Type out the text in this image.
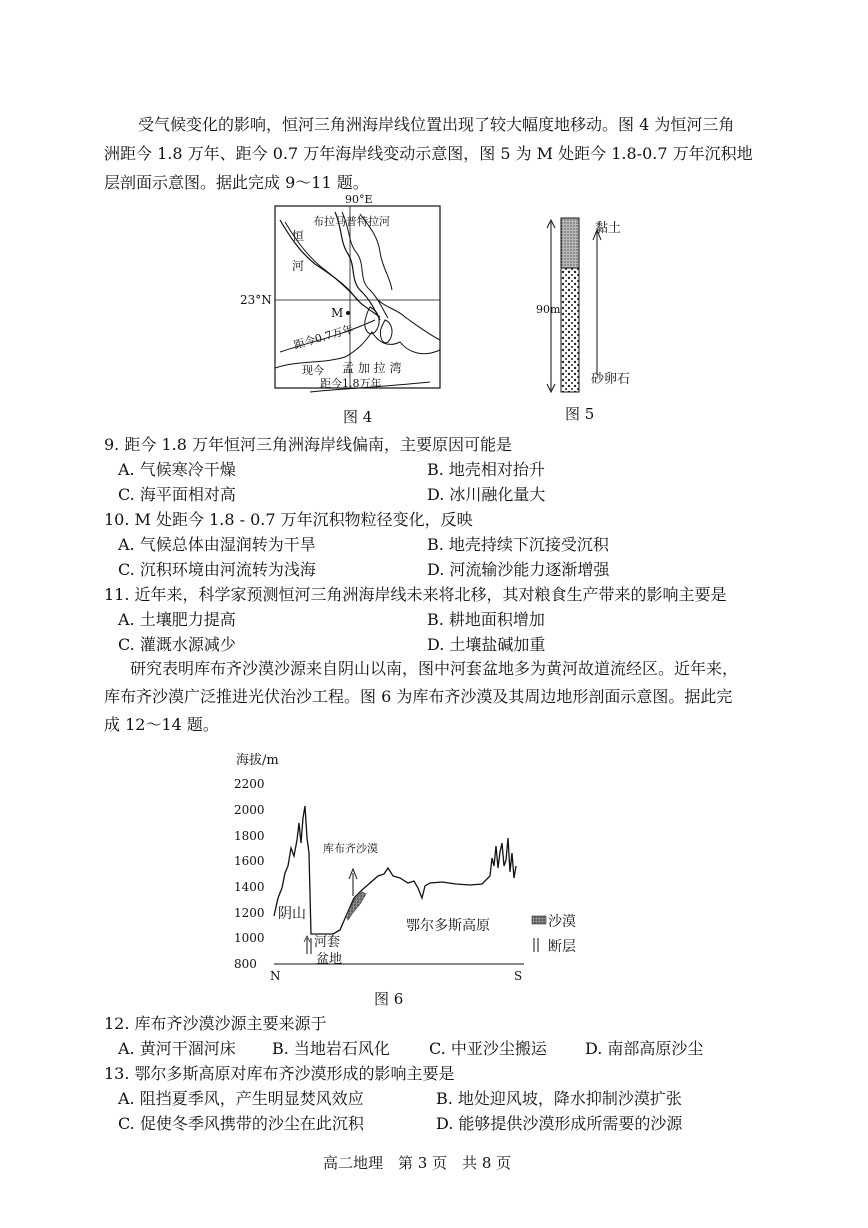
受气候变化的影响，恒河三角洲海岸线位置出现了较大幅度地移动。图 4 为恒河三角
洲距今 1.8 万年、距今 0.7 万年海岸线变动示意图，图 5 为 M 处距今 1.8-0.7 万年沉积地
层剖面示意图。据此完成 9～11 题。
90°E
23°N
布拉马普特拉河
恒
河
M
距今0.7万年
现今 孟 加 拉 湾
距今1.8万年
图 4
90m
黏土
砂卵石
图 5
9. 距今 1.8 万年恒河三角洲海岸线偏南，主要原因可能是
A. 气候寒冷干燥	B. 地壳相对抬升
C. 海平面相对高	D. 冰川融化量大
10. M 处距今 1.8 - 0.7 万年沉积物粒径变化，反映
A. 气候总体由湿润转为干旱	B. 地壳持续下沉接受沉积
C. 沉积环境由河流转为浅海	D. 河流输沙能力逐渐增强
11. 近年来，科学家预测恒河三角洲海岸线未来将北移，其对粮食生产带来的影响主要是
A. 土壤肥力提高	B. 耕地面积增加
C. 灌溉水源减少	D. 土壤盐碱加重
研究表明库布齐沙漠沙源来自阴山以南，图中河套盆地多为黄河故道流经区。近年来，
库布齐沙漠广泛推进光伏治沙工程。图 6 为库布齐沙漠及其周边地形剖面示意图。据此完
成 12～14 题。
海拔/m
2200
2000
1800
1600
1400
1200
1000
800
N	S
库布齐沙漠
阴山
河套
盆地
鄂尔多斯高原	沙漠
断层
图 6
12. 库布齐沙漠沙源主要来源于
A. 黄河干涸河床 B. 当地岩石风化 C. 中亚沙尘搬运 D. 南部高原沙尘
13. 鄂尔多斯高原对库布齐沙漠形成的影响主要是
A. 阻挡夏季风，产生明显焚风效应	B. 地处迎风坡，降水抑制沙漠扩张
C. 促使冬季风携带的沙尘在此沉积	D. 能够提供沙漠形成所需要的沙源
高二地理　第 3 页　共 8 页
